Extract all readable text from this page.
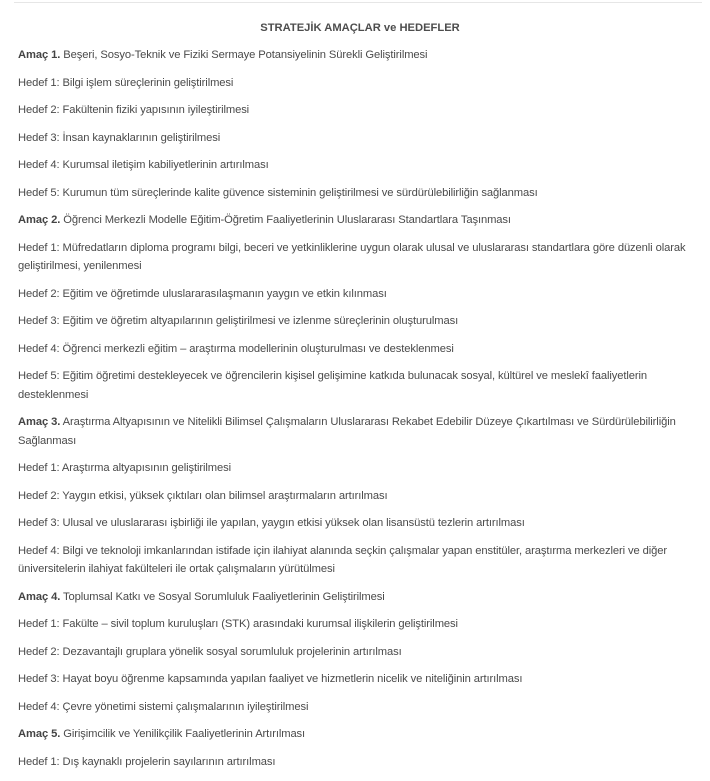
STRATEJİK AMAÇLAR ve HEDEFLER

Amaç 1. Beşeri, Sosyo-Teknik ve Fiziki Sermaye Potansiyelinin Sürekli Geliştirilmesi

Hedef 1: Bilgi işlem süreçlerinin geliştirilmesi

Hedef 2: Fakültenin fiziki yapısının iyileştirilmesi

Hedef 3: İnsan kaynaklarının geliştirilmesi

Hedef 4: Kurumsal iletişim kabiliyetlerinin artırılması

Hedef 5: Kurumun tüm süreçlerinde kalite güvence sisteminin geliştirilmesi ve sürdürülebilirliğin sağlanması

Amaç 2. Öğrenci Merkezli Modelle Eğitim-Öğretim Faaliyetlerinin Uluslararası Standartlara Taşınması

Hedef 1: Müfredatların diploma programı bilgi, beceri ve yetkinliklerine uygun olarak ulusal ve uluslararası standartlara göre düzenli olarak geliştirilmesi, yenilenmesi

Hedef 2: Eğitim ve öğretimde uluslararasılaşmanın yaygın ve etkin kılınması

Hedef 3: Eğitim ve öğretim altyapılarının geliştirilmesi ve izlenme süreçlerinin oluşturulması

Hedef 4: Öğrenci merkezli eğitim – araştırma modellerinin oluşturulması ve desteklenmesi

Hedef 5: Eğitim öğretimi destekleyecek ve öğrencilerin kişisel gelişimine katkıda bulunacak sosyal, kültürel ve meslekî faaliyetlerin desteklenmesi

Amaç 3. Araştırma Altyapısının ve Nitelikli Bilimsel Çalışmaların Uluslararası Rekabet Edebilir Düzeye Çıkartılması ve Sürdürülebilirliğin Sağlanması

Hedef 1: Araştırma altyapısının geliştirilmesi

Hedef 2: Yaygın etkisi, yüksek çıktıları olan bilimsel araştırmaların artırılması

Hedef 3: Ulusal ve uluslararası işbirliği ile yapılan, yaygın etkisi yüksek olan lisansüstü tezlerin artırılması

Hedef 4: Bilgi ve teknoloji imkanlarından istifade için ilahiyat alanında seçkin çalışmalar yapan enstitüler, araştırma merkezleri ve diğer üniversitelerin ilahiyat fakülteleri ile ortak çalışmaların yürütülmesi

Amaç 4. Toplumsal Katkı ve Sosyal Sorumluluk Faaliyetlerinin Geliştirilmesi

Hedef 1: Fakülte – sivil toplum kuruluşları (STK) arasındaki kurumsal ilişkilerin geliştirilmesi

Hedef 2: Dezavantajlı gruplara yönelik sosyal sorumluluk projelerinin artırılması

Hedef 3: Hayat boyu öğrenme kapsamında yapılan faaliyet ve hizmetlerin nicelik ve niteliğinin artırılması

Hedef 4: Çevre yönetimi sistemi çalışmalarının iyileştirilmesi

Amaç 5. Girişimcilik ve Yenilikçilik Faaliyetlerinin Artırılması

Hedef 1: Dış kaynaklı projelerin sayılarının artırılması
